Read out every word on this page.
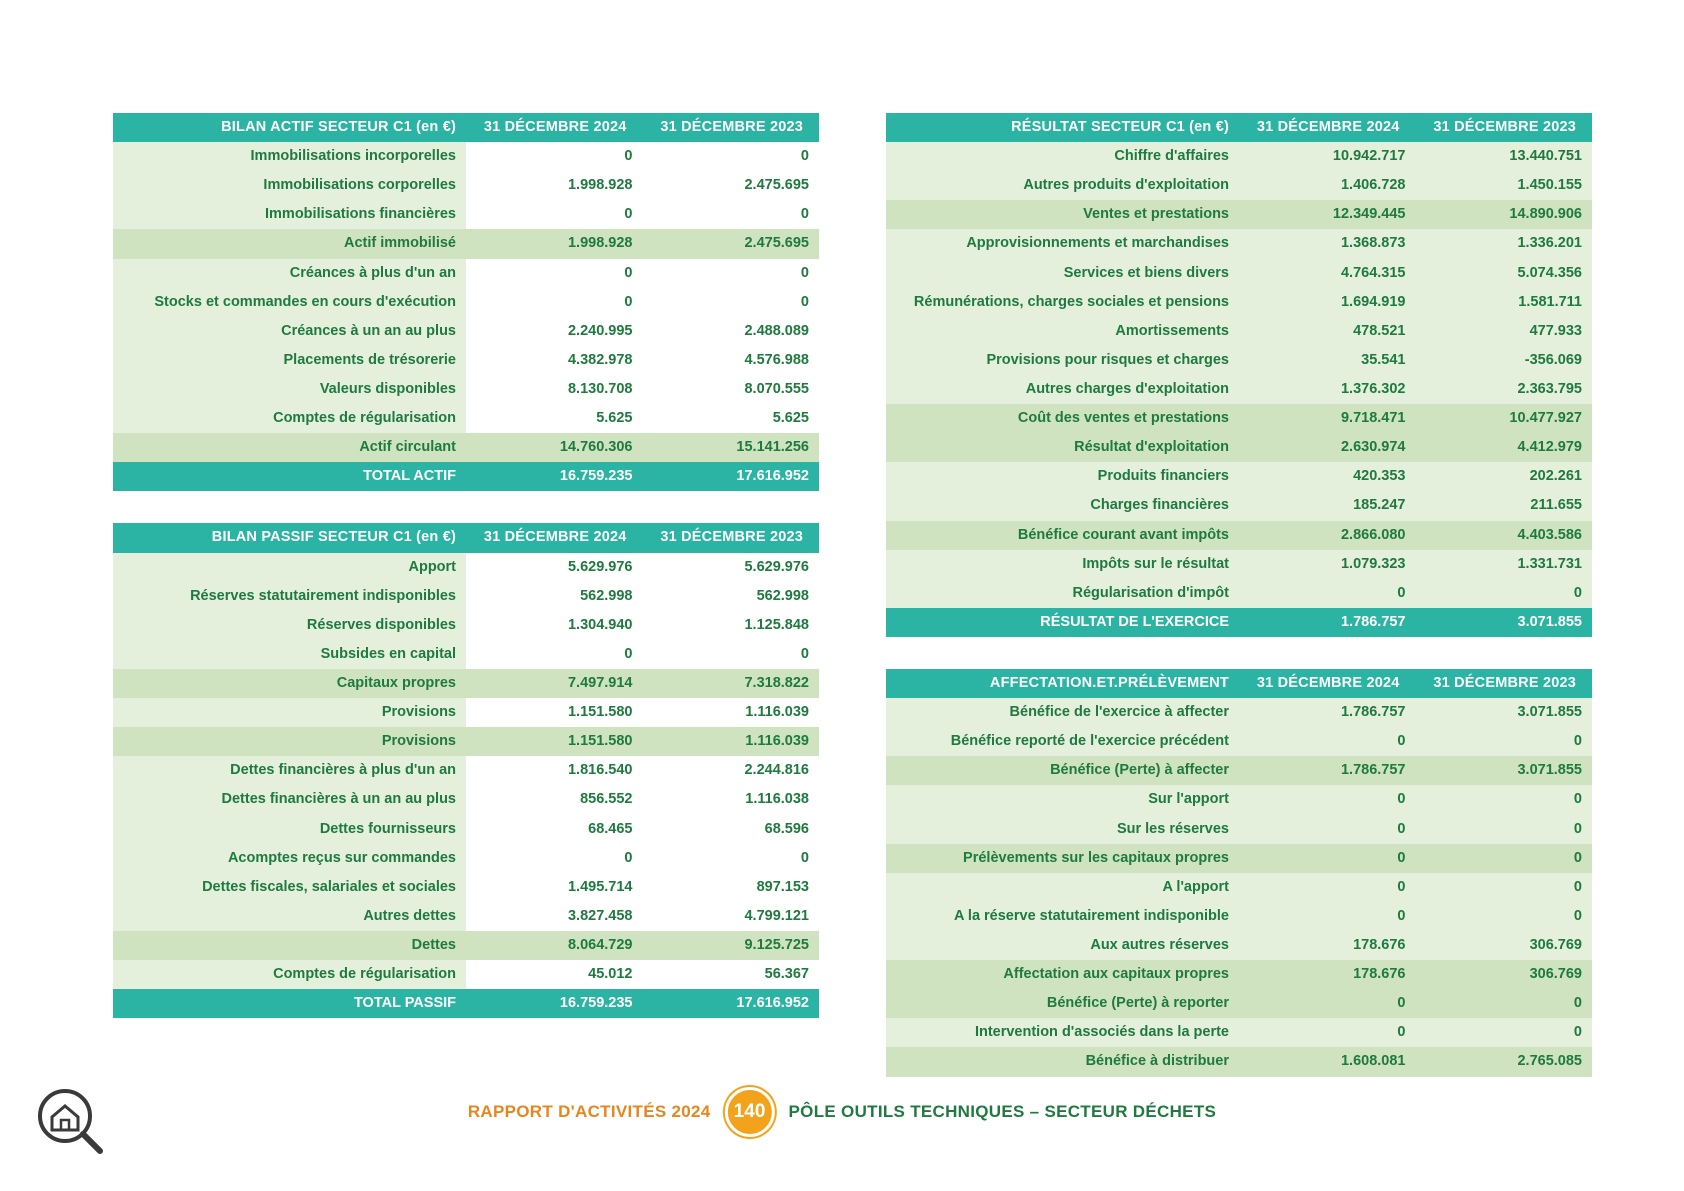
BILAN ACTIF SECTEUR C1 (en €)	31 DÉCEMBRE 2024	31 DÉCEMBRE 2023
Immobilisations incorporelles	0	0
Immobilisations corporelles	1.998.928	2.475.695
Immobilisations financières	0	0
Actif immobilisé	1.998.928	2.475.695
Créances à plus d'un an	0	0
Stocks et commandes en cours d'exécution	0	0
Créances à un an au plus	2.240.995	2.488.089
Placements de trésorerie	4.382.978	4.576.988
Valeurs disponibles	8.130.708	8.070.555
Comptes de régularisation	5.625	5.625
Actif circulant	14.760.306	15.141.256
TOTAL ACTIF	16.759.235	17.616.952
BILAN PASSIF SECTEUR C1 (en €)	31 DÉCEMBRE 2024	31 DÉCEMBRE 2023
Apport	5.629.976	5.629.976
Réserves statutairement indisponibles	562.998	562.998
Réserves disponibles	1.304.940	1.125.848
Subsides en capital	0	0
Capitaux propres	7.497.914	7.318.822
Provisions	1.151.580	1.116.039
Provisions	1.151.580	1.116.039
Dettes financières à plus d'un an	1.816.540	2.244.816
Dettes financières à un an au plus	856.552	1.116.038
Dettes fournisseurs	68.465	68.596
Acomptes reçus sur commandes	0	0
Dettes fiscales, salariales et sociales	1.495.714	897.153
Autres dettes	3.827.458	4.799.121
Dettes	8.064.729	9.125.725
Comptes de régularisation	45.012	56.367
TOTAL PASSIF	16.759.235	17.616.952
RÉSULTAT SECTEUR C1 (en €)	31 DÉCEMBRE 2024	31 DÉCEMBRE 2023
Chiffre d'affaires	10.942.717	13.440.751
Autres produits d'exploitation	1.406.728	1.450.155
Ventes et prestations	12.349.445	14.890.906
Approvisionnements et marchandises	1.368.873	1.336.201
Services et biens divers	4.764.315	5.074.356
Rémunérations, charges sociales et pensions	1.694.919	1.581.711
Amortissements	478.521	477.933
Provisions pour risques et charges	35.541	-356.069
Autres charges d'exploitation	1.376.302	2.363.795
Coût des ventes et prestations	9.718.471	10.477.927
Résultat d'exploitation	2.630.974	4.412.979
Produits financiers	420.353	202.261
Charges financières	185.247	211.655
Bénéfice courant avant impôts	2.866.080	4.403.586
Impôts sur le résultat	1.079.323	1.331.731
Régularisation d'impôt	0	0
RÉSULTAT DE L'EXERCICE	1.786.757	3.071.855
AFFECTATION.ET.PRÉLÈVEMENT	31 DÉCEMBRE 2024	31 DÉCEMBRE 2023
Bénéfice de l'exercice à affecter	1.786.757	3.071.855
Bénéfice reporté de l'exercice précédent	0	0
Bénéfice (Perte) à affecter	1.786.757	3.071.855
Sur l'apport	0	0
Sur les réserves	0	0
Prélèvements sur les capitaux propres	0	0
A l'apport	0	0
A la réserve statutairement indisponible	0	0
Aux autres réserves	178.676	306.769
Affectation aux capitaux propres	178.676	306.769
Bénéfice (Perte) à reporter	0	0
Intervention d'associés dans la perte	0	0
Bénéfice à distribuer	1.608.081	2.765.085
RAPPORT D'ACTIVITÉS 2024	140	PÔLE OUTILS TECHNIQUES – SECTEUR DÉCHETS
